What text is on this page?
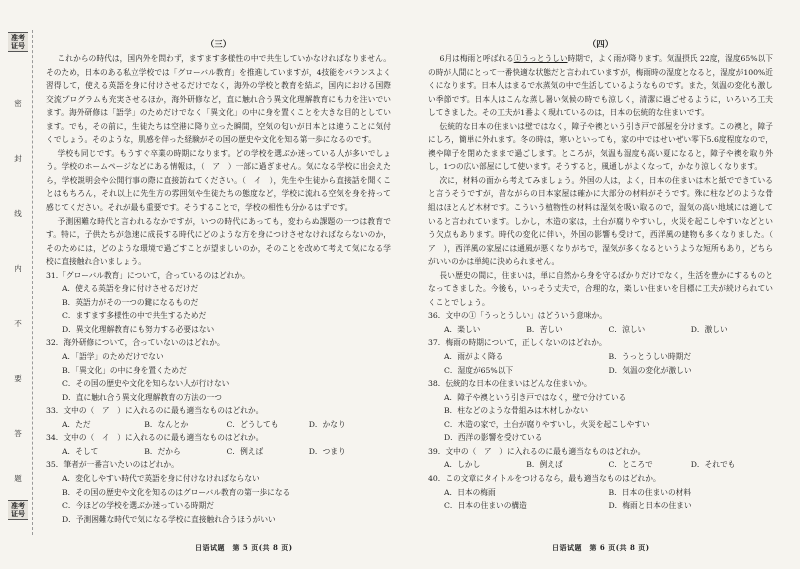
准考证号
密
封
线
内
不
要
答
题
准考证号
（三）

これからの時代は，国内外を問わず，ますます多様性の中で共生していかなければなりません。そのため，日本のある私立学校では「グローバル教育」を推進していますが，4技能をバランスよく習得して，使える英語を身に付けさせるだけでなく，海外の学校と教育を結ぶ，国内における国際交流プログラムも充実させるほか，海外研修など，直に触れ合う異文化理解教育にも力を注いでいます。海外研修は「語学」のためだけでなく「異文化」の中に身を置くことを大きな目的としています。でも，その前に，生徒たちは空港に降り立った瞬間，空気の匂いが日本とは違うことに気付くでしょう。そのような，肌感を伴った経験がその国の歴史や文化を知る第一歩になるのです。

学校も同じです。もうすぐ卒業の時期になります。どの学校を選ぶか迷っている人が多いでしょう。学校のホームページなどにある情報は，（　ア　）一部に過ぎません。気になる学校に出会えたら，学校説明会や公開行事の際に直接訪ねてください。（　イ　），先生や生徒から直接話を聞くことはもちろん，それ以上に先生方の雰囲気や生徒たちの態度など，学校に流れる空気を身を持って感じてください。それが最も重要です。そうすることで，学校の相性も分かるはずです。

予測困難な時代と言われるなかですが，いつの時代にあっても，変わらぬ課題の一つは教育です。特に，子供たちが急速に成長する時代にどのような方を身につけさせなければならないのか，そのためには，どのような環境で過ごすことが望ましいのか，そのことを改めて考えて気になる学校に直接触れ合いましょう。

31.「グローバル教育」について，合っているのはどれか。

A．使える英語を身に付けさせるだけだ
B．英語力がその一つの鍵になるものだ
C．ますます多様性の中で共生するためだ
D．異文化理解教育にも努力する必要はない

32．海外研修について，合っていないのはどれか。

A．「語学」のためだけでない
B．「異文化」の中に身を置くためだ
C．その国の歴史や文化を知らない人が行けない
D．直に触れ合う異文化理解教育の方法の一つ

33．文中の（　ア　）に入れるのに最も適当なものはどれか。

A．ただ	B．なんとか	C．どうしても	D．かなり

34．文中の（　イ　）に入れるのに最も適当なものはどれか。

A．そして	B．だから	C．例えば	D．つまり

35．筆者が一番言いたいのはどれか。

A．変化しやすい時代で英語を身に付けなければならない
B．その国の歴史や文化を知るのはグローバル教育の第一歩になる
C．今ほどの学校を選ぶか迷っている時期だ
D．予測困難な時代で気になる学校に直接触れ合うほうがいい
（四）

6月は梅雨と呼ばれる①うっとうしい時期で，よく雨が降ります。気温摂氏 22度，湿度65%以下の時が人間にとって一番快適な状態だと言われていますが，梅雨時の湿度となると，湿度が100%近くになります。日本人はまるで水蒸気の中で生活しているようなものです。また，気温の変化も激しい季節です。日本人はこんな蒸し暑い気候の時でも涼しく，清潔に過ごせるように，いろいろ工夫してきました。その工夫が1番よく現れているのは，日本の伝統的な住まいです。

伝統的な日本の住まいは壁ではなく，障子や襖という引き戸で部屋を分けます。この襖と，障子にしろ，簡単に外れます。冬の時は，寒いといっても，家の中ではせいぜい零下5.6度程度なので，襖や障子を閉めたままで過ごします。ところが，気温も湿度も高い夏になると，障子や襖を取り外し，1つの広い部屋にして使います。そうすると，風通しがよくなって，かなり涼しくなります。

次に，材料の面から考えてみましょう。外国の人は，よく，日本の住まいは木と紙でできていると言うそうですが，昔ながらの日本家屋は確かに大部分の材料がそうです。殊に柱などのような骨組はほとんど木材です。こういう植物性の材料は湿気を吸い取るので，湿気の高い地域には適していると言われています。しかし，木造の家は，土台が腐りやすいし，火災を起こしやすいなどという欠点もあります。時代の変化に伴い，外国の影響も受けて，西洋風の建物も多くなりました。（　ア　），西洋風の家屋には通風が悪くなりがちで，湿気が多くなるというような短所もあり，どちらがいいのかは単純に決められません。

長い歴史の間に，住まいは，単に自然から身を守るばかりだけでなく，生活を豊かにするものとなってきました。今後も，いっそう丈夫で，合理的な，楽しい住まいを目標に工夫が続けられていくことでしょう。

36．文中の①「うっとうしい」はどういう意味か。

A．楽しい	B．苦しい	C．涼しい	D．激しい

37．梅雨の時期について，正しくないのはどれか。

A．雨がよく降る	B．うっとうしい時期だ
C．湿度が65%以下	D．気温の変化が激しい

38．伝統的な日本の住まいはどんな住まいか。

A．障子や襖という引き戸ではなく，壁で分けている
B．柱などのような骨組みは木材しかない
C．木造の家で，土台が腐りやすいし，火災を起こしやすい
D．西洋の影響を受けている

39．文中の（　ア　）に入れるのに最も適当なものはどれか。

A．しかし	B．例えば	C．ところで	D．それでも

40．この文章にタイトルをつけるなら，最も適当なものはどれか。

A．日本の梅雨	B．日本の住まいの材料
C．日本の住まいの構造	D．梅雨と日本の住まい
日语试题　第 5 页(共 8 页)	日语试题　第 6 页(共 8 页)
